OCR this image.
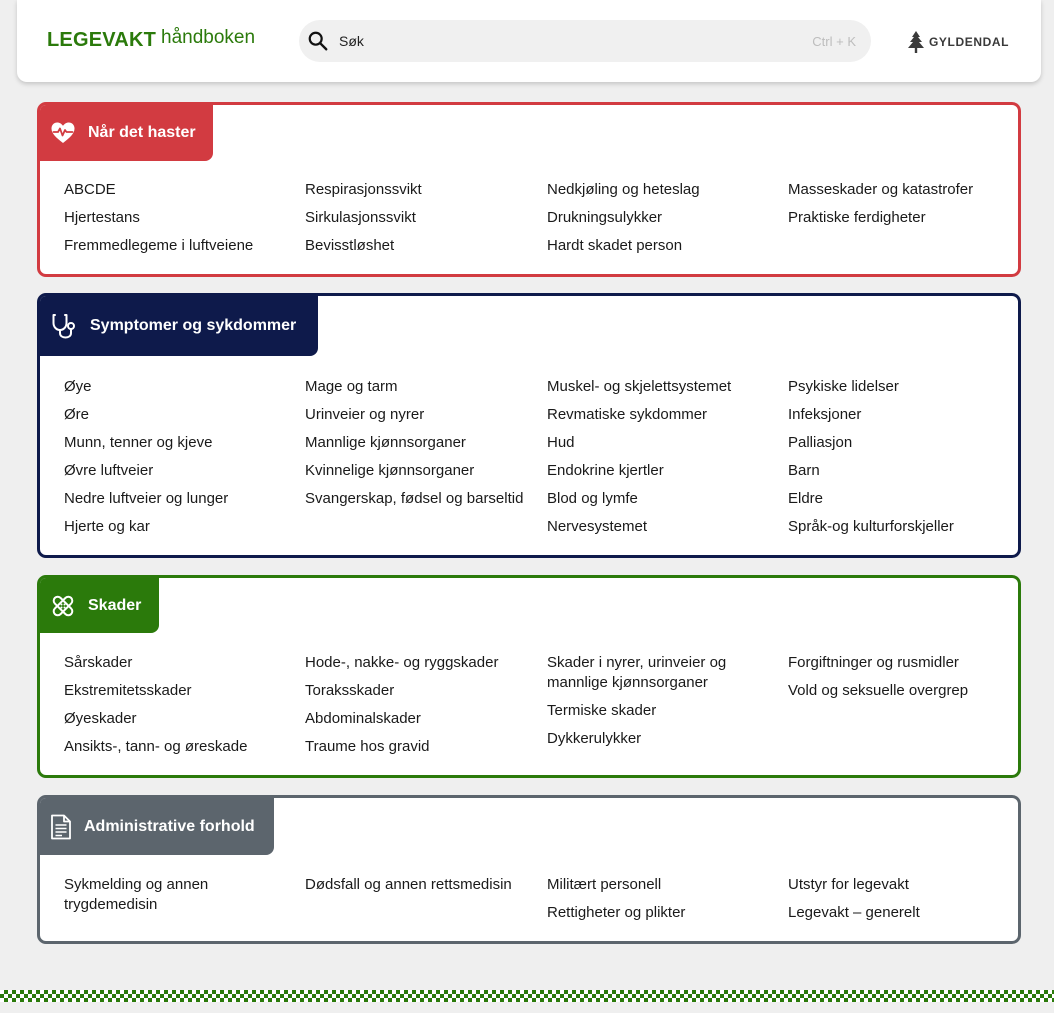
LEGEVAKT håndboken
Søk	Ctrl + K	GYLDENDAL
Når det haster
ABCDE
Hjertestans
Fremmedlegeme i luftveiene
Respirasjonssvikt
Sirkulasjonssvikt
Bevisstløshet
Nedkjøling og heteslag
Drukningsulykker
Hardt skadet person
Masseskader og katastrofer
Praktiske ferdigheter
Symptomer og sykdommer
Øye
Øre
Munn, tenner og kjeve
Øvre luftveier
Nedre luftveier og lunger
Hjerte og kar
Mage og tarm
Urinveier og nyrer
Mannlige kjønnsorganer
Kvinnelige kjønnsorganer
Svangerskap, fødsel og barseltid
Muskel- og skjelettsystemet
Revmatiske sykdommer
Hud
Endokrine kjertler
Blod og lymfe
Nervesystemet
Psykiske lidelser
Infeksjoner
Palliasjon
Barn
Eldre
Språk-og kulturforskjeller
Skader
Sårskader
Ekstremitetsskader
Øyeskader
Ansikts-, tann- og øreskade
Hode-, nakke- og ryggskader
Toraksskader
Abdominalskader
Traume hos gravid
Skader i nyrer, urinveier og mannlige kjønnsorganer
Termiske skader
Dykkerulykker
Forgiftninger og rusmidler
Vold og seksuelle overgrep
Administrative forhold
Sykmelding og annen trygdemedisin
Dødsfall og annen rettsmedisin	Militært personell
Rettigheter og plikter
Utstyr for legevakt
Legevakt – generelt
